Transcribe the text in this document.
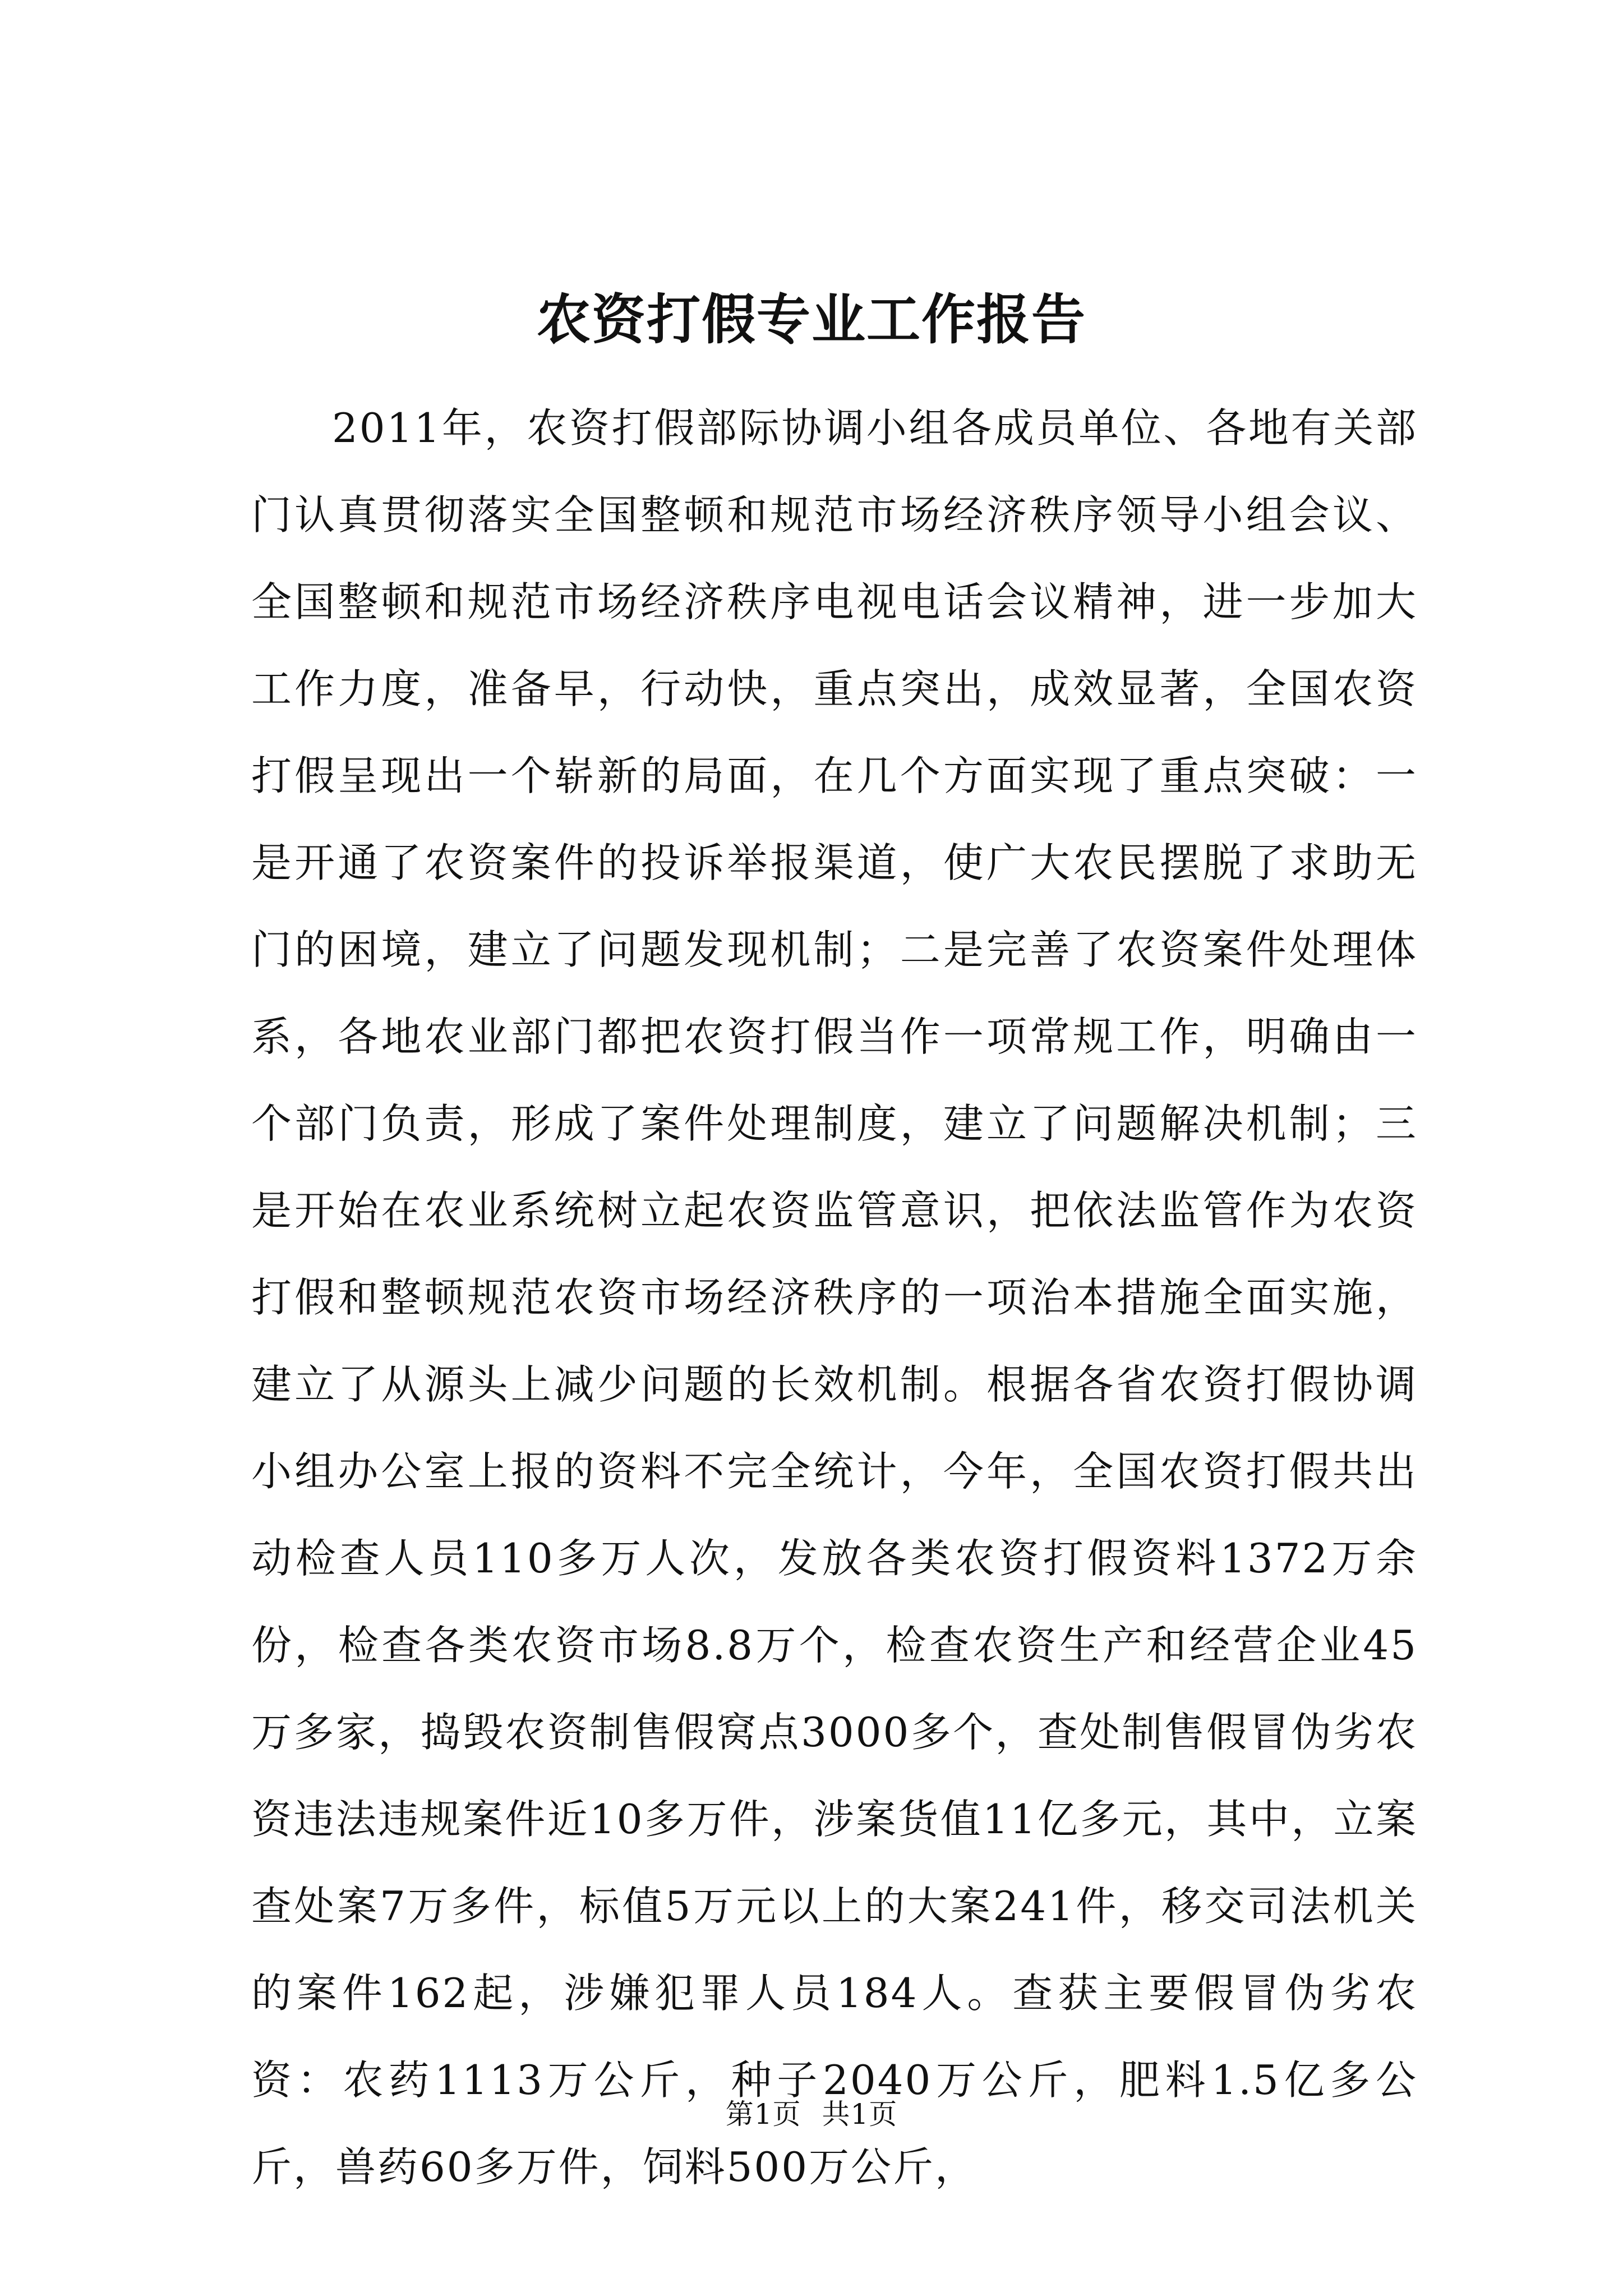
农资打假专业工作报告

2011年，农资打假部际协调小组各成员单位、各地有关部门认真贯彻落实全国整顿和规范市场经济秩序领导小组会议、全国整顿和规范市场经济秩序电视电话会议精神，进一步加大工作力度，准备早，行动快，重点突出，成效显著，全国农资打假呈现出一个崭新的局面，在几个方面实现了重点突破：一是开通了农资案件的投诉举报渠道，使广大农民摆脱了求助无门的困境，建立了问题发现机制；二是完善了农资案件处理体系，各地农业部门都把农资打假当作一项常规工作，明确由一个部门负责，形成了案件处理制度，建立了问题解决机制；三是开始在农业系统树立起农资监管意识，把依法监管作为农资打假和整顿规范农资市场经济秩序的一项治本措施全面实施，建立了从源头上减少问题的长效机制。根据各省农资打假协调小组办公室上报的资料不完全统计，今年，全国农资打假共出动检查人员110多万人次，发放各类农资打假资料1372万余份，检查各类农资市场8.8万个，检查农资生产和经营企业45万多家，捣毁农资制售假窝点3000多个，查处制售假冒伪劣农资违法违规案件近10多万件，涉案货值11亿多元，其中，立案查处案7万多件，标值5万元以上的大案241件，移交司法机关的案件162起，涉嫌犯罪人员184人。查获主要假冒伪劣农资：农药1113万公斤，种子2040万公斤，肥料1.5亿多公斤，兽药60多万件，饲料500万公斤，

第1页 共1页
